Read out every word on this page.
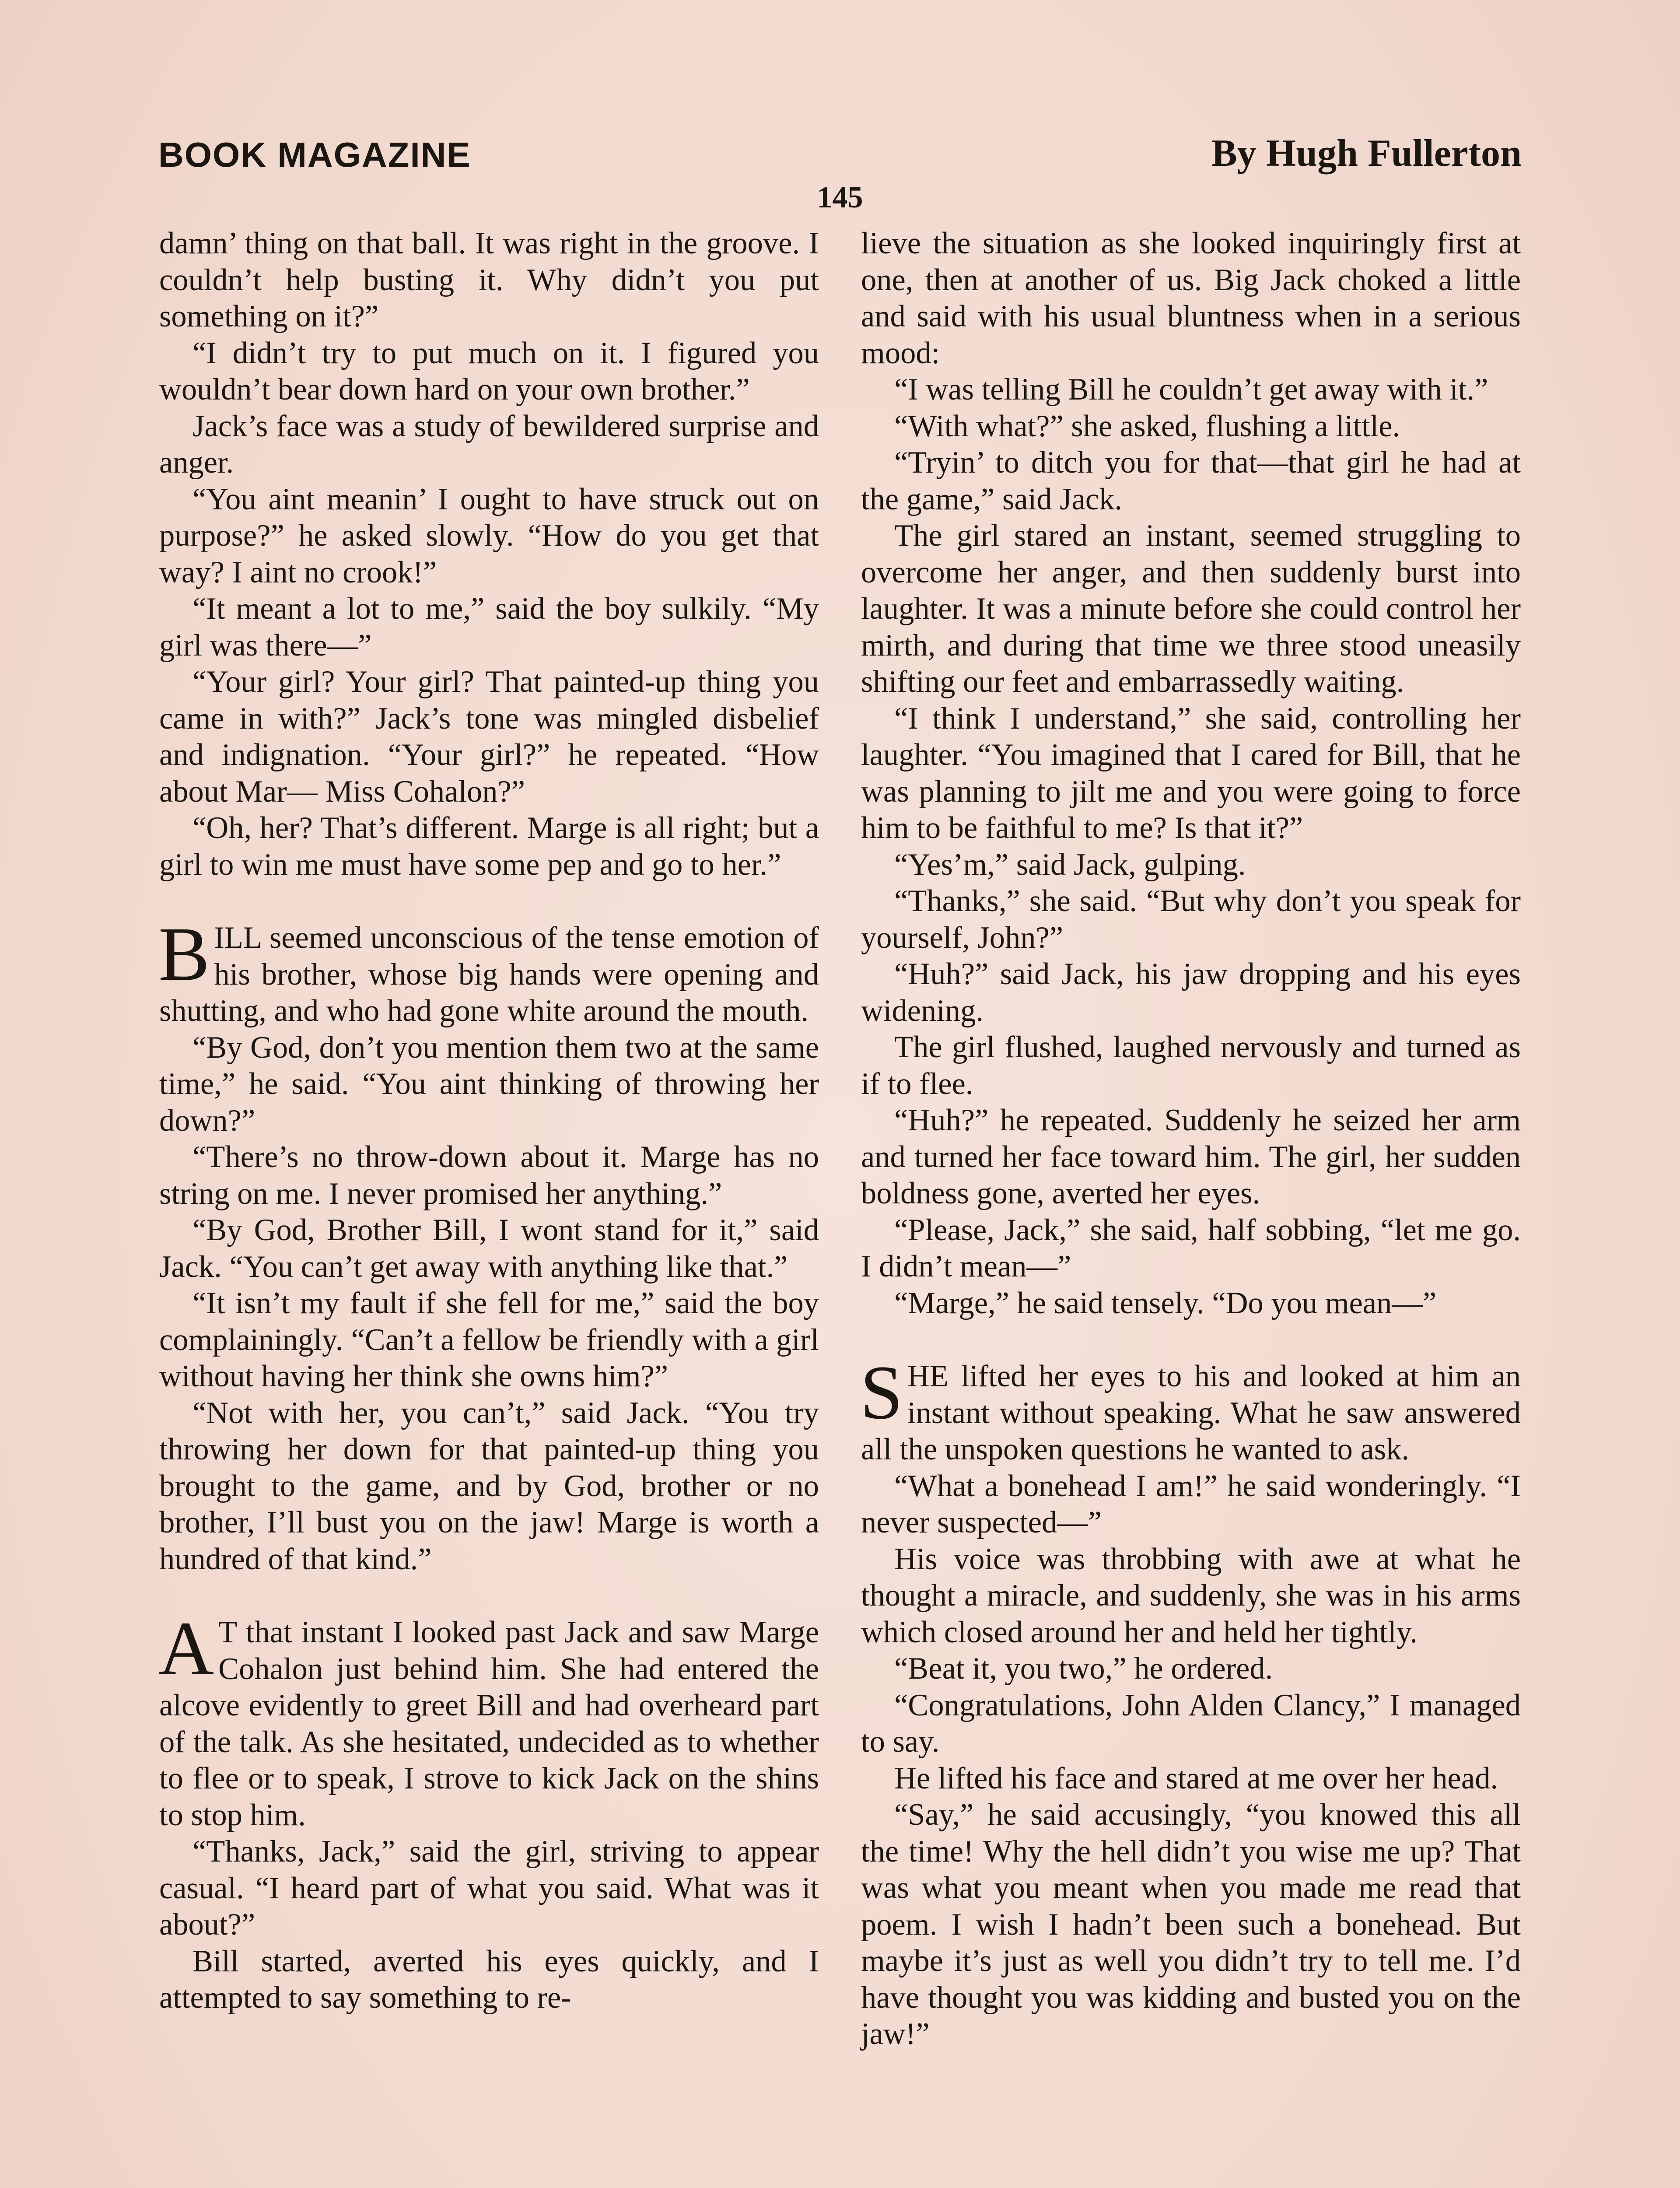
BOOK MAGAZINE	By Hugh Fullerton
145

damn’ thing on that ball. It was right in the groove. I couldn’t help busting it. Why didn’t you put something on it?”

“I didn’t try to put much on it. I figured you wouldn’t bear down hard on your own brother.”

Jack’s face was a study of bewildered surprise and anger.

“You aint meanin’ I ought to have struck out on purpose?” he asked slowly. “How do you get that way? I aint no crook!”

“It meant a lot to me,” said the boy sulkily. “My girl was there—”

“Your girl? Your girl? That painted-up thing you came in with?” Jack’s tone was mingled disbelief and indignation. “Your girl?” he repeated. “How about Mar— Miss Cohalon?”

“Oh, her? That’s different. Marge is all right; but a girl to win me must have some pep and go to her.”

BILL seemed unconscious of the tense emotion of his brother, whose big hands were opening and shutting, and who had gone white around the mouth.

“By God, don’t you mention them two at the same time,” he said. “You aint thinking of throwing her down?”

“There’s no throw-down about it. Marge has no string on me. I never promised her anything.”

“By God, Brother Bill, I wont stand for it,” said Jack. “You can’t get away with anything like that.”

“It isn’t my fault if she fell for me,” said the boy complainingly. “Can’t a fellow be friendly with a girl without having her think she owns him?”

“Not with her, you can’t,” said Jack. “You try throwing her down for that painted-up thing you brought to the game, and by God, brother or no brother, I’ll bust you on the jaw! Marge is worth a hundred of that kind.”

A T that instant I looked past Jack and saw Marge Cohalon just behind him. She had entered the alcove evidently to greet Bill and had overheard part of the talk. As she hesitated, undecided as to whether to flee or to speak, I strove to kick Jack on the shins to stop him.

“Thanks, Jack,” said the girl, striving to appear casual. “I heard part of what you said. What was it about?”

Bill started, averted his eyes quickly, and I attempted to say something to re-

lieve the situation as she looked inquiringly first at one, then at another of us. Big Jack choked a little and said with his usual bluntness when in a serious mood:

“I was telling Bill he couldn’t get away with it.”

“With what?” she asked, flushing a little.

“Tryin’ to ditch you for that—that girl he had at the game,” said Jack.

The girl stared an instant, seemed struggling to overcome her anger, and then suddenly burst into laughter. It was a minute before she could control her mirth, and during that time we three stood uneasily shifting our feet and embarrassedly waiting.

“I think I understand,” she said, controlling her laughter. “You imagined that I cared for Bill, that he was planning to jilt me and you were going to force him to be faithful to me? Is that it?”

“Yes’m,” said Jack, gulping.

“Thanks,” she said. “But why don’t you speak for yourself, John?”

“Huh?” said Jack, his jaw dropping and his eyes widening.

The girl flushed, laughed nervously and turned as if to flee.

“Huh?” he repeated. Suddenly he seized her arm and turned her face toward him. The girl, her sudden boldness gone, averted her eyes.

“Please, Jack,” she said, half sobbing, “let me go. I didn’t mean—”

“Marge,” he said tensely. “Do you mean—”

SHE lifted her eyes to his and looked at him an instant without speaking. What he saw answered all the unspoken questions he wanted to ask.

“What a bonehead I am!” he said wonderingly. “I never suspected—”

His voice was throbbing with awe at what he thought a miracle, and suddenly, she was in his arms which closed around her and held her tightly.

“Beat it, you two,” he ordered.

“Congratulations, John Alden Clancy,” I managed to say.

He lifted his face and stared at me over her head.

“Say,” he said accusingly, “you knowed this all the time! Why the hell didn’t you wise me up? That was what you meant when you made me read that poem. I wish I hadn’t been such a bonehead. But maybe it’s just as well you didn’t try to tell me. I’d have thought you was kidding and busted you on the jaw!”
